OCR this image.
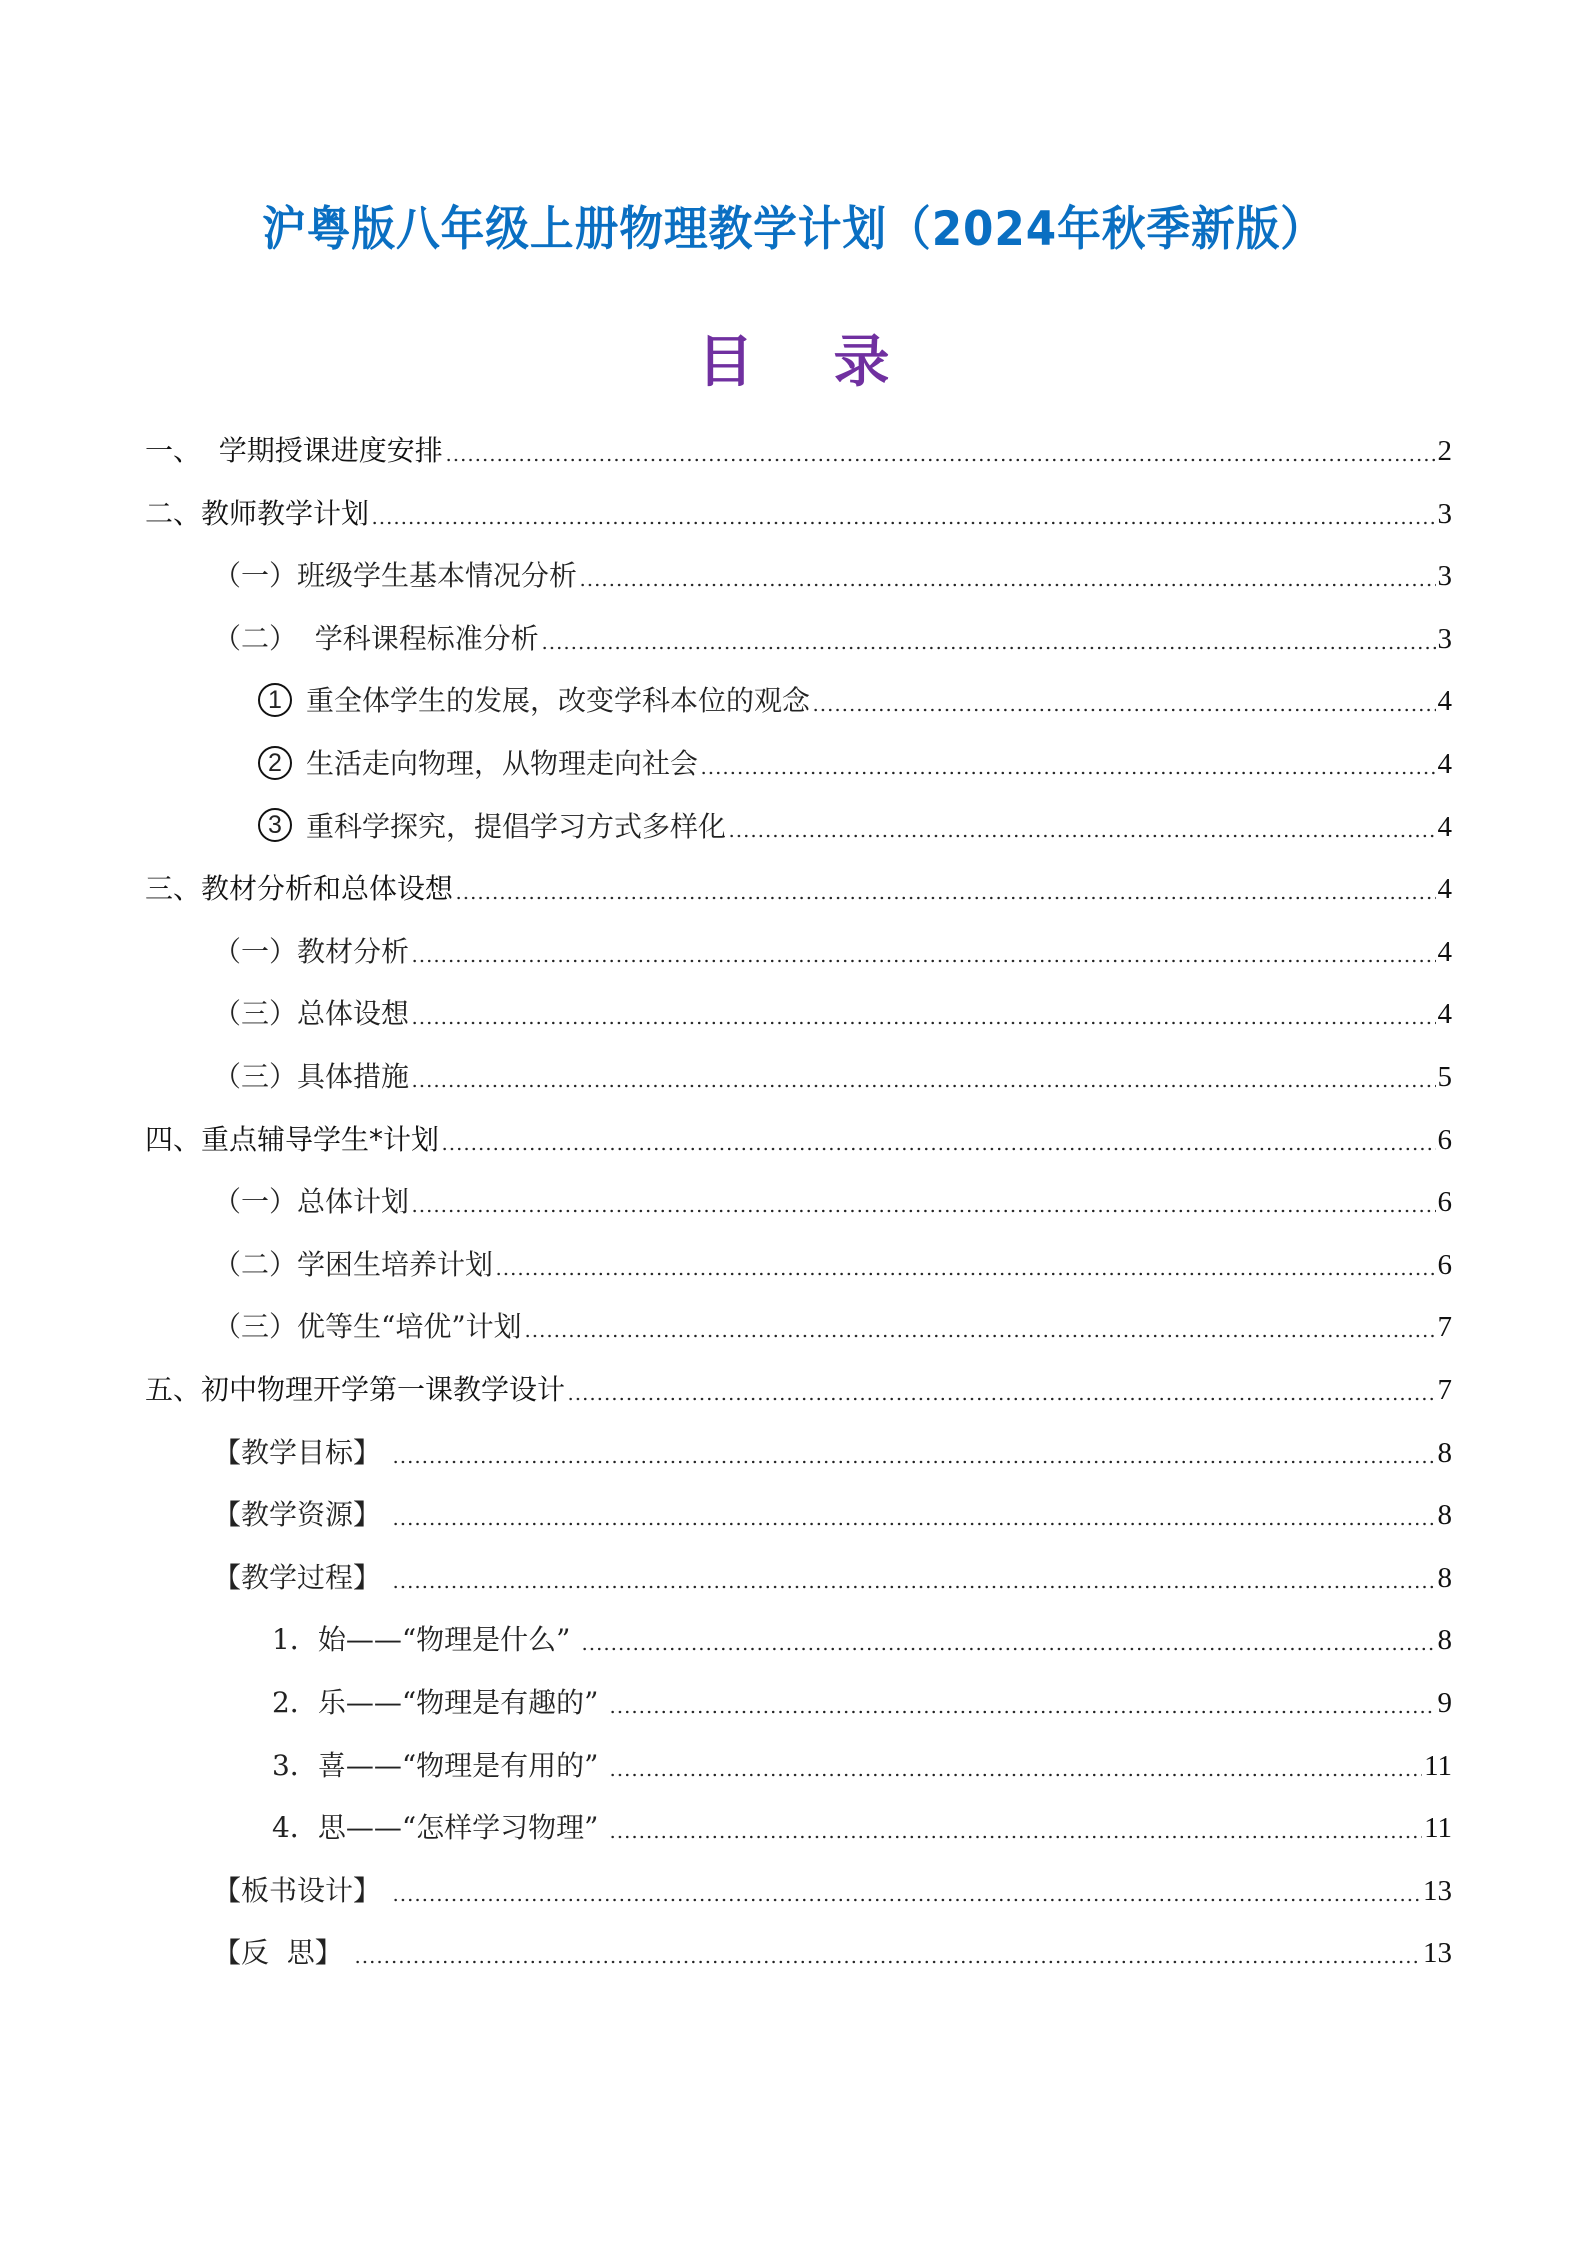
沪粤版八年级上册物理教学计划（2024年秋季新版）
目 录
一、  学期授课进度安排	2
二、教师教学计划	3
（一）班级学生基本情况分析	3
（二）  学科课程标准分析	3
1 重全体学生的发展，改变学科本位的观念	4
2 生活走向物理，从物理走向社会	4
3 重科学探究，提倡学习方式多样化	4
三、教材分析和总体设想	4
（一）教材分析	4
（三）总体设想	4
（三）具体措施	5
四、重点辅导学生*计划	6
（一）总体计划	6
（二）学困生培养计划	6
（三）优等生“培优”计划	7
五、初中物理开学第一课教学设计	7
【教学目标】	8
【教学资源】	8
【教学过程】	8
1．始——“物理是什么”	8
2．乐——“物理是有趣的”	9
3．喜——“物理是有用的”	11
4．思——“怎样学习物理”	11
【板书设计】	13
【反  思】	13
